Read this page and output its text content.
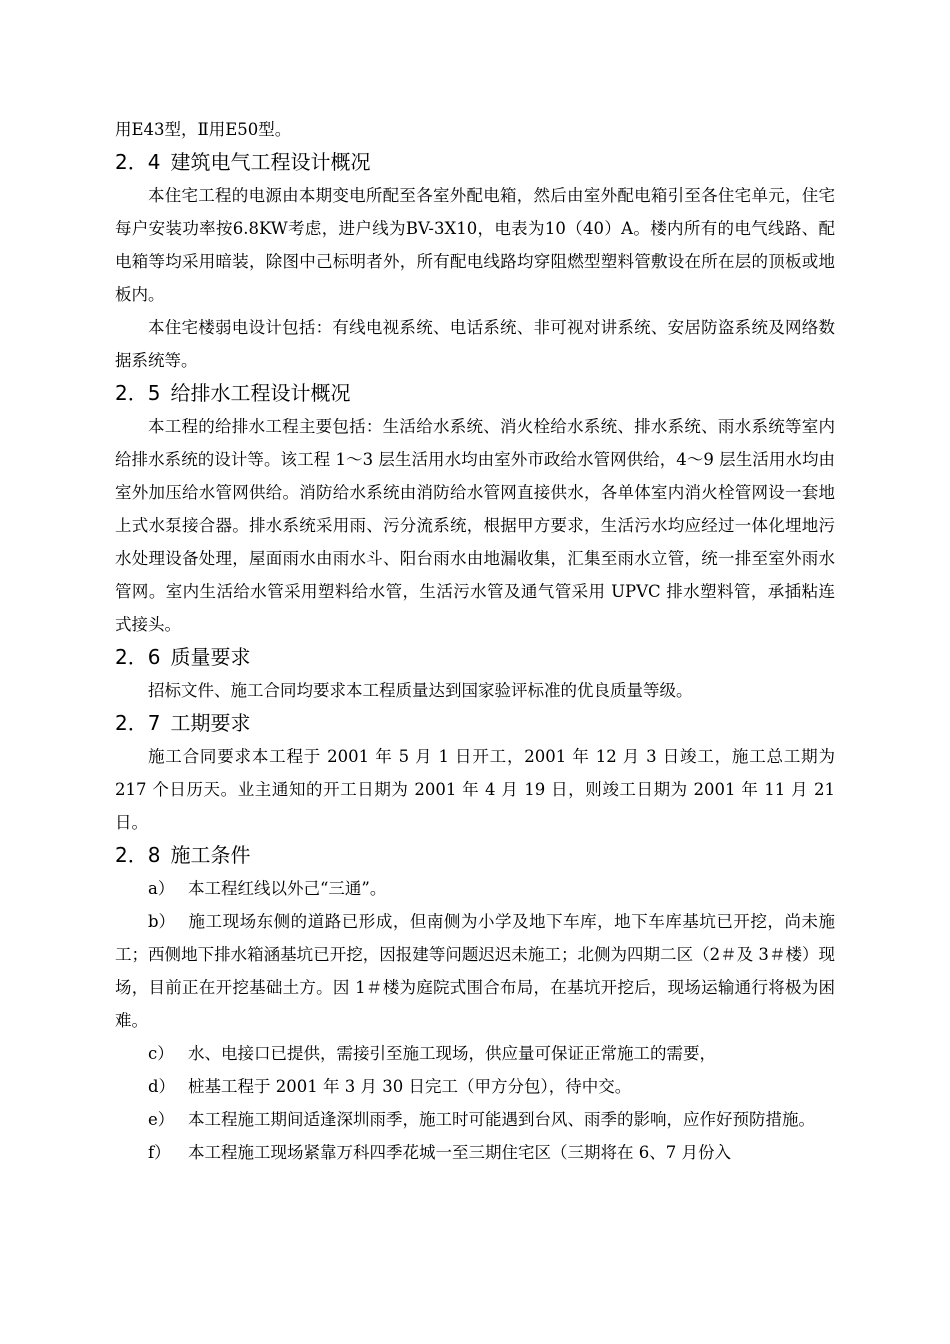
用E43型，Ⅱ用E50型。

2．4 建筑电气工程设计概况

本住宅工程的电源由本期变电所配至各室外配电箱，然后由室外配电箱引至各住宅单元，住宅每户安装功率按6.8KW考虑，进户线为BV-3X10，电表为10（40）A。楼内所有的电气线路、配电箱等均采用暗装，除图中己标明者外，所有配电线路均穿阻燃型塑料管敷设在所在层的顶板或地板内。

本住宅楼弱电设计包括：有线电视系统、电话系统、非可视对讲系统、安居防盗系统及网络数据系统等。

2．5 给排水工程设计概况

本工程的给排水工程主要包括：生活给水系统、消火栓给水系统、排水系统、雨水系统等室内给排水系统的设计等。该工程 1～3 层生活用水均由室外市政给水管网供给，4～9 层生活用水均由室外加压给水管网供给。消防给水系统由消防给水管网直接供水，各单体室内消火栓管网设一套地上式水泵接合器。排水系统采用雨、污分流系统，根据甲方要求，生活污水均应经过一体化埋地污水处理设备处理，屋面雨水由雨水斗、阳台雨水由地漏收集，汇集至雨水立管，统一排至室外雨水管网。室内生活给水管采用塑料给水管，生活污水管及通气管采用 UPVC 排水塑料管，承插粘连式接头。

2．6 质量要求

招标文件、施工合同均要求本工程质量达到国家验评标准的优良质量等级。

2．7 工期要求

施工合同要求本工程于 2001 年 5 月 1 日开工，2001 年 12 月 3 日竣工，施工总工期为 217 个日历天。业主通知的开工日期为 2001 年 4 月 19 日，则竣工日期为 2001 年 11 月 21 日。

2．8 施工条件

a） 本工程红线以外己“三通”。

b） 施工现场东侧的道路已形成，但南侧为小学及地下车库，地下车库基坑已开挖，尚未施工；西侧地下排水箱涵基坑已开挖，因报建等问题迟迟未施工；北侧为四期二区（2＃及 3＃楼）现场，目前正在开挖基础土方。因 1＃楼为庭院式围合布局，在基坑开挖后，现场运输通行将极为困难。

c） 水、电接口已提供，需接引至施工现场，供应量可保证正常施工的需要，

d） 桩基工程于 2001 年 3 月 30 日完工（甲方分包），待中交。

e） 本工程施工期间适逢深圳雨季，施工时可能遇到台风、雨季的影响，应作好预防措施。

f） 本工程施工现场紧靠万科四季花城一至三期住宅区（三期将在 6、7 月份入
